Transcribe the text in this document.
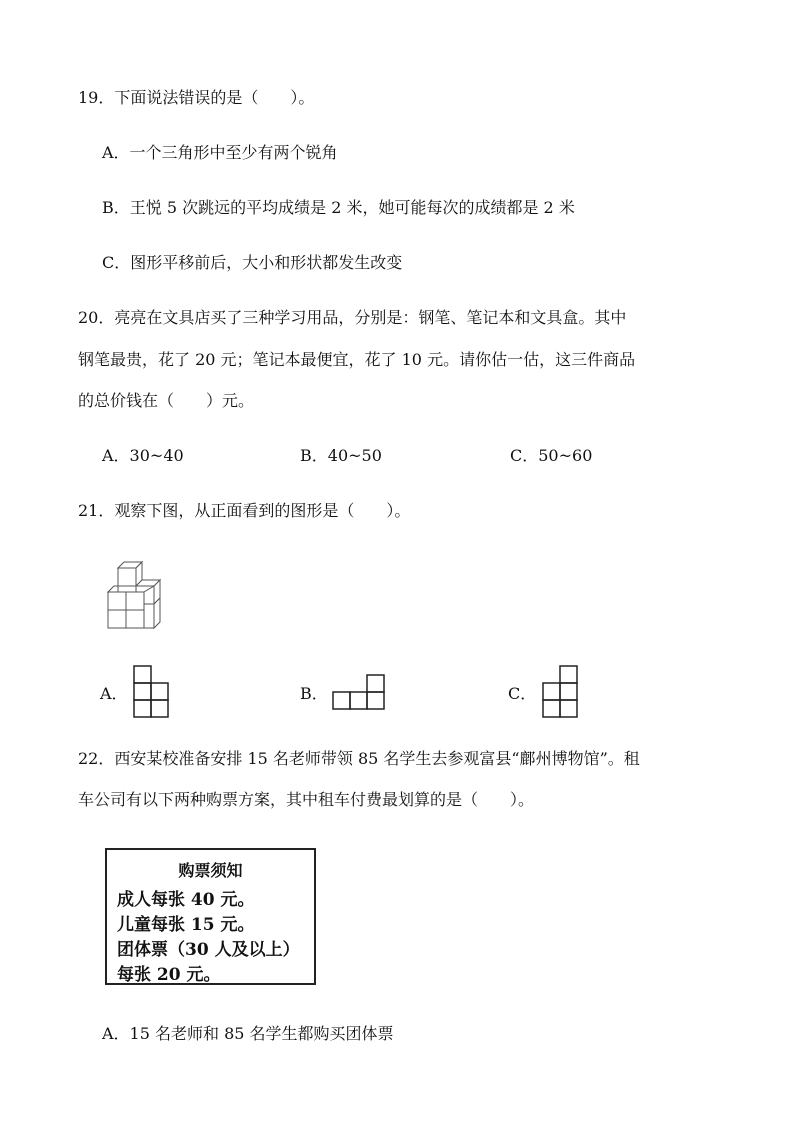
19．下面说法错误的是（　　）。
A．一个三角形中至少有两个锐角
B．王悦 5 次跳远的平均成绩是 2 米，她可能每次的成绩都是 2 米
C．图形平移前后，大小和形状都发生改变
20．亮亮在文具店买了三种学习用品，分别是：钢笔、笔记本和文具盒。其中
钢笔最贵，花了 20 元；笔记本最便宜，花了 10 元。请你估一估，这三件商品
的总价钱在（　　）元。
A．30~40	B．40~50	C．50~60
21．观察下图，从正面看到的图形是（　　）。
A．	B．	C．
22．西安某校准备安排 15 名老师带领 85 名学生去参观富县“鄜州博物馆”。租
车公司有以下两种购票方案，其中租车付费最划算的是（　　）。
购票须知
成人每张 40 元。
儿童每张 15 元。
团体票（30 人及以上）
每张 20 元。
A．15 名老师和 85 名学生都购买团体票
